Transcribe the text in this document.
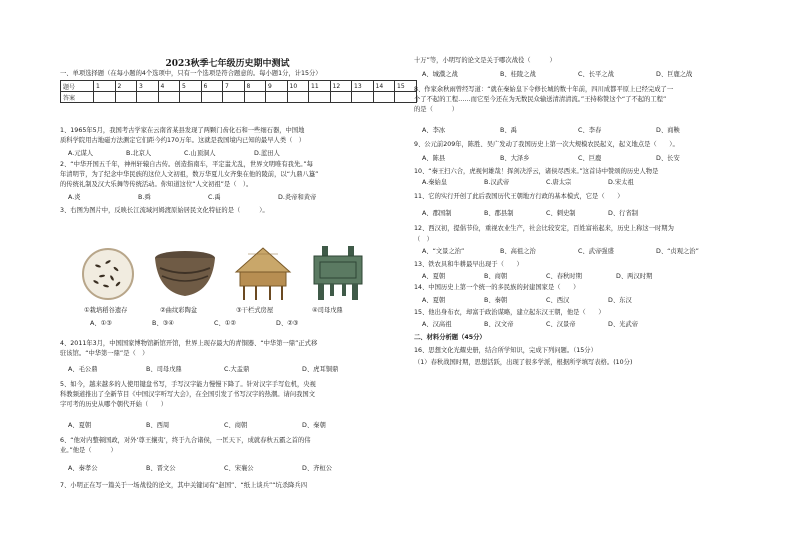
2023秋季七年级历史期中测试
一、单项选择题（在每小题的4个选项中，只有一个选项是符合题意的。每小题1分，计15分）
题号	1	2	3	4	5	6	7	8	9	10	11	12	13	14	15
答案															
1、1965年5月，我国考古学家在云南省某县发现了两颗门齿化石和一些细石器，中国地
质科学院用古地磁方法测定它们距今约170万年。这就是我国境内已知的最早人类（　）
A.元谋人	B.北京人	C.山顶洞人	D.蓝田人
2、“中华开国五千年，神州轩辕自古传。创造指南车，平定蚩尤乱，世界文明唯有我先。”每
年清明节，为了纪念中华民族的这位人文初祖，数万华夏儿女齐集在他的陵前，以“九鼎八簋”
的传统礼制及汉大乐舞等传统活动。你知道这位“人文初祖”是（　）。
A.炎	B.舜	C.禹	D.炎帝和黄帝
3、右图为图片中，反映长江流域河姆渡原始居民文化特征的是（　　　）。
①栽培稻谷遗存	②曲纹彩陶盆	③干栏式房屋	④司母戊鼎
A、①③	B、③④	C、①②	D、②③
4、2011年3月，中国国家博物馆新馆开馆，世界上现存最大的青铜器、“中华第一鼎”正式移
驻该馆。“中华第一鼎”是（　）
A、毛公鼎	B、司母戊鼎	C.大盂鼎	D、虎耳铜鼎
5、如今，越来越多的人使用键盘书写，手写汉字能力慢慢下降了。针对汉字手写危机，央视
科教频道推出了全新节目《中国汉字听写大会》，在全国引发了书写汉字的热潮。请问我国文
字可考的历史从哪个朝代开始（　　）
A、夏朝	B、西周	C、商朝	D、秦朝
6、“他对内整顿国政，对外‘尊王攘夷’，终于九合诸侯，一匡天下，成就春秋五霸之首的伟
业。”他是（　　　）
A、秦孝公	B、晋文公	C、宋襄公	D、齐桓公
7、小明正在写一篇关于一场战役的论文，其中关键词有“赵国”、“纸上谈兵”“坑杀降兵四
十万”等，小明写的论文是关于哪次战役（　　　）
A、城濮之战	B、桂陵之战	C、长平之战	D、巨鹿之战
8、作家余秋雨曾经写道：“就在秦始皇下令修长城的数十年前，四川成都平原上已经完成了一
个了不起的工程……而它至今还在为无数民众输送清清清流。”王持称赞这个“了不起的工程”
的是（　　　）
A、李冰	B、禹	C、李春	D、商鞅
9、公元前209年，陈胜、吴广发动了我国历史上第一次大规模农民起义，起义地点是（　　）。
A、陈县	B、大泽乡	C、巨鹿	D、长安
10、“秦王扫六合，虎视何雄哉！挥剑决浮云，诸侯尽西来。”这首诗中赞颂的历史人物是
A.秦始皇	B.汉武帝	C.唐太宗	D.宋太祖
11、它的实行开创了此后我国历代王朝地方行政的基本模式，它是（　　）
A、郡国制	B、郡县制	C、刺史制	D、行省制
12、西汉初，提倡节俭，重视农业生产，社会比较安定，百姓富裕起来，历史上称这一时期为
（　）
A、“文景之治”	B、高祖之治	C、武帝强盛	D、“贞观之治”
13、铁农具和牛耕最早出现于（　　）
A、夏朝	B、商朝	C、春秋时期	D、两汉时期
14、中国历史上第一个统一的多民族的封建国家是（　　）
A、夏朝	B、秦朝	C、西汉	D、东汉
15、他出身布衣，却富于政治谋略，建立起东汉王朝，他是（　　）
A、汉高祖	B、汉文帝	C、汉景帝	D、光武帝
二、材料分析题（45分）
16、思想文化光耀史册，结合所学知识，完成下列问题。（15分）
（1）春秋战国时期，思想活跃，出现了很多学派，根据所学填写表格。(10分)
